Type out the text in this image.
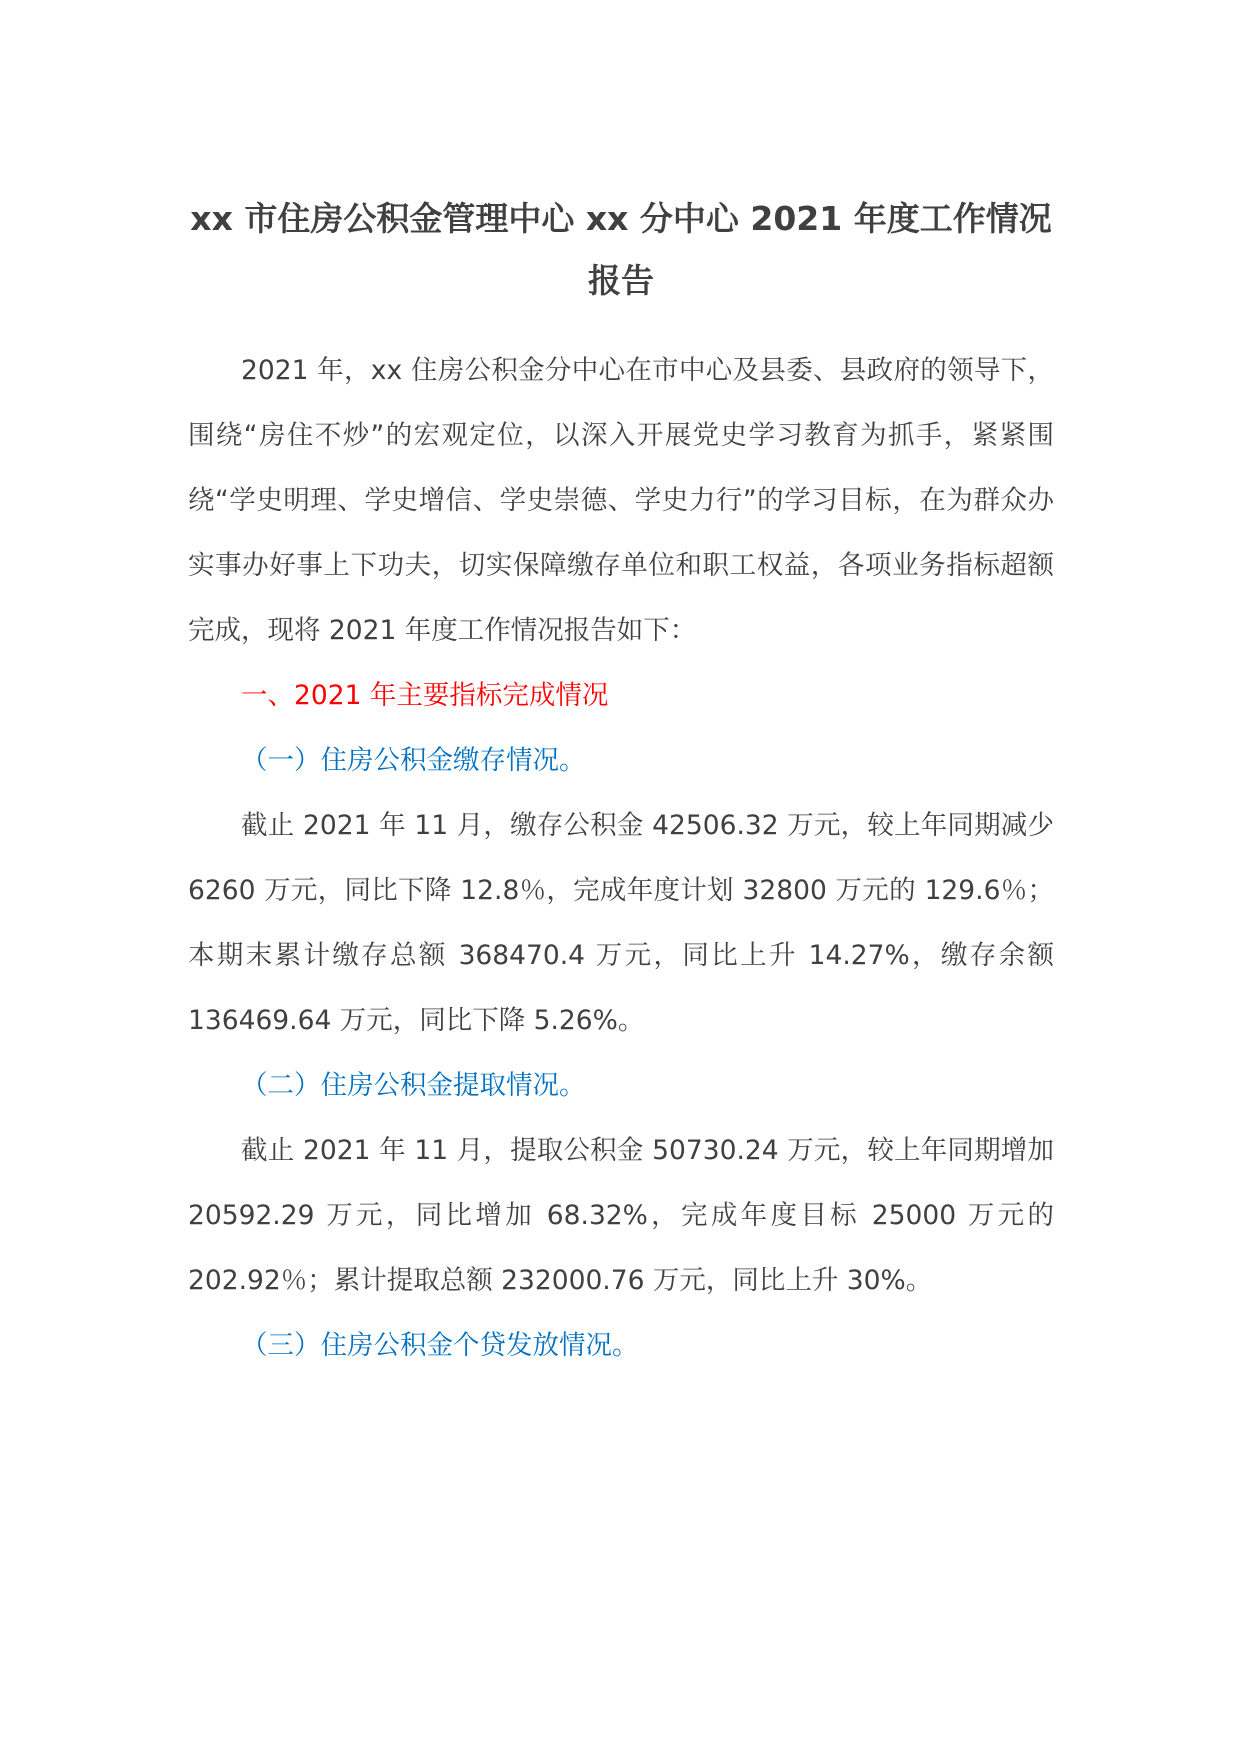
xx 市住房公积金管理中心 xx 分中心 2021 年度工作情况
报告

2021 年，xx 住房公积金分中心在市中心及县委、县政府的领导下，围绕“房住不炒”的宏观定位，以深入开展党史学习教育为抓手，紧紧围绕“学史明理、学史增信、学史崇德、学史力行”的学习目标，在为群众办实事办好事上下功夫，切实保障缴存单位和职工权益，各项业务指标超额完成，现将 2021 年度工作情况报告如下：

一、2021 年主要指标完成情况

（一）住房公积金缴存情况。

截止 2021 年 11 月，缴存公积金 42506.32 万元，较上年同期减少 6260 万元，同比下降 12.8％，完成年度计划 32800 万元的 129.6％；本期末累计缴存总额 368470.4 万元，同比上升 14.27%，缴存余额 136469.64 万元，同比下降 5.26%。

（二）住房公积金提取情况。

截止 2021 年 11 月，提取公积金 50730.24 万元，较上年同期增加 20592.29 万元，同比增加 68.32%，完成年度目标 25000 万元的 202.92％；累计提取总额 232000.76 万元，同比上升 30%。

（三）住房公积金个贷发放情况。
